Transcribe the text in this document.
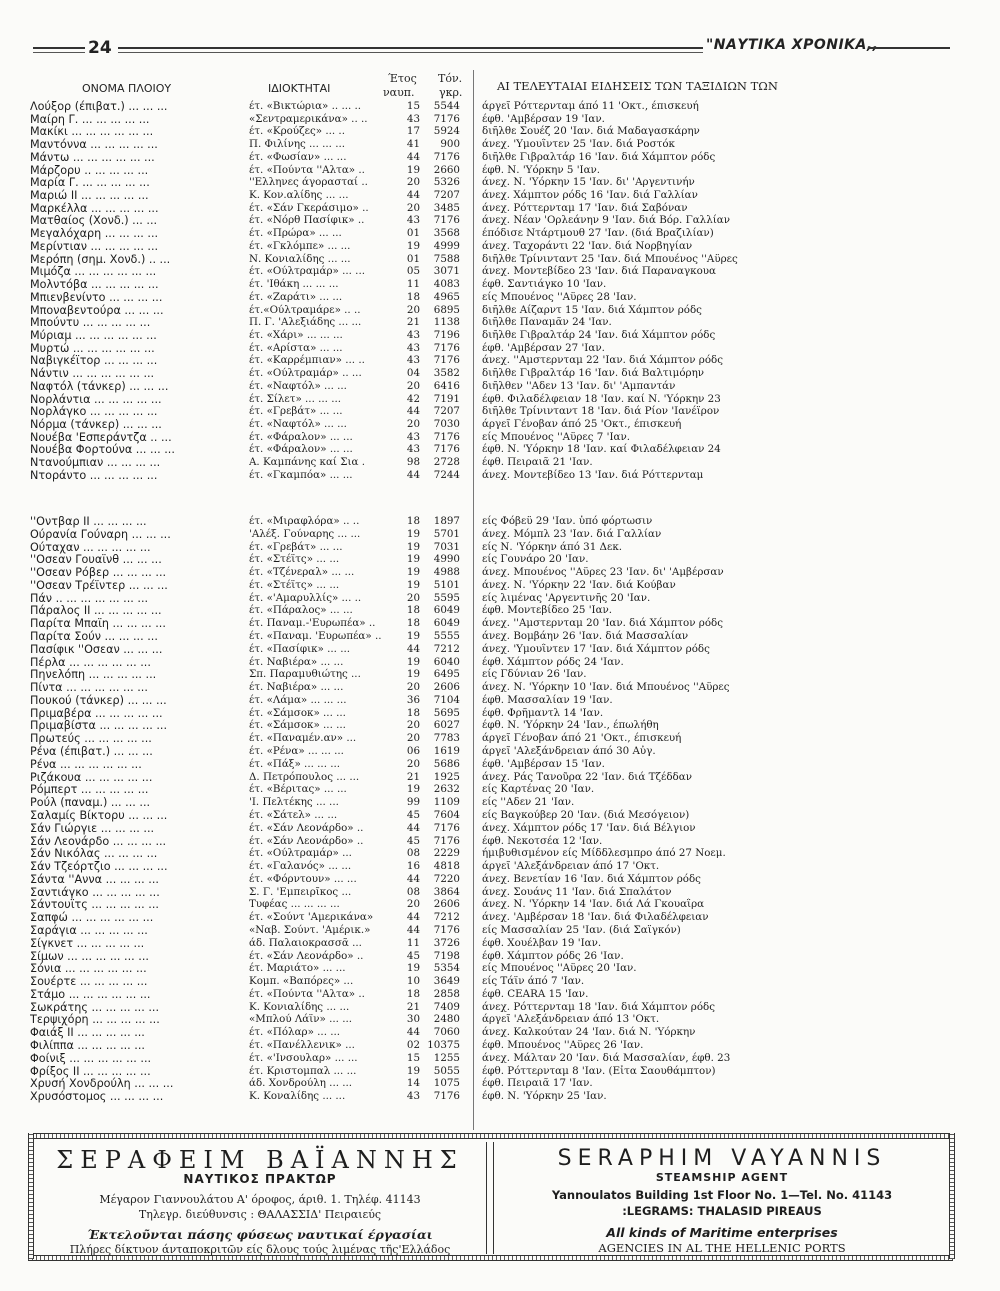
24	"ΝΑΥΤΙΚΑ ΧΡΟΝΙΚΑ,,
ΟΝΟΜΑ ΠΛΟΙΟΥ	ΙΔΙΟΚΤΗΤΑΙ
Έτος
ναυπ.
Τόν.
γκρ.	ΑΙ ΤΕΛΕΥΤΑΙΑΙ ΕΙΔΗΣΕΙΣ ΤΩΝ ΤΑΞΙΔΙΩΝ ΤΩΝ
Λούξορ (έπιβατ.) ... ... ...	έτ. «Βικτώρια» .. ... ..	15	5544 άργεῖ Ρόττερνταμ άπό 11 'Οκτ., έπισκευή
Μαίρη Γ. ... ... ... ... ...	«Σεντραμερικάνα» .. ..	43	7176 έφθ. 'Αμβέρσαν 19 'Ιαν.
Μακίκι ... ... ... ... ... ...	έτ. «Κρούζες» ... ..	17	5924 διῆλθε Σουέζ 20 'Ιαν. διά Μαδαγασκάρην
Μαντόννα ... ... ... ... ...	Π. Φιλίνης ... ... ...	41	900 άνεχ. 'Υμουΐντεν 25 'Ιαν. διά Ροστόκ
Μάντω ... ... ... ... ... ...	έτ. «Φωσίαν» ... ...	44	7176 διῆλθε Γιβραλτάρ 16 'Ιαν. διά Χάμπτον ρόδς
Μάρζορυ .. ... ... ... ...	έτ. «Πούντα ''Αλτα» ..	19	2660 έφθ. Ν. 'Υόρκην 5 'Ιαν.
Μαρία Γ. ... ... ... ... ...	''Ελληνες άγορασταί ..	20	5326 άνεχ. Ν. 'Υόρκην 15 'Ιαν. δι' 'Αργεντινήν
Μαριώ ΙΙ ... ... ... ... ...	Κ. Κον.αλίδης ... ...	44	7207 άνεχ. Χάμπτον ρόδς 16 'Ιαν. διά Γαλλίαν
Μαρκέλλα ... ... ... ... ...	έτ. «Σάν Γκεράσιμο» ..	20	3485 άνεχ. Ρόττερνταμ 17 'Ιαν. διά Σαβόναν
Ματθαίος (Χονδ.) ... ...	έτ. «Νόρθ Πασίφικ» ..	43	7176 άνεχ. Νέαν 'Ορλεάνην 9 'Ιαν. διά Βόρ. Γαλλίαν
Μεγαλόχαρη ... ... ... ...	έτ. «Πρώρα» ... ...	01	3568 έπόδισε Ντάρτμουθ 27 'Ιαν. (διά Βραζιλίαν)
Μερίντιαν ... ... ... ... ...	έτ. «Γκλόμπε» ... ...	19	4999 άνεχ. Ταχοράντι 22 'Ιαν. διά Νορβηγίαν
Μερόπη (σημ. Χονδ.) .. ...	Ν. Κονιαλίδης ... ...	01	7588 διῆλθε Τρίνινταντ 25 'Ιαν. διά Μπουένος ''Αϋρες
Μιμόζα ... ... ... ... ... ...	έτ. «Ούλτραμάρ» ... ...	05	3071 άνεχ. Μοντεβίδεο 23 'Ιαν. διά Παραναγκουα
Μολντόβα ... ... ... ... ...	έτ. 'Ιθάκη ... ... ...	11	4083 έφθ. Σαντιάγκο 10 'Ιαν.
Μπιενβενίντο ... ... ... ...	έτ. «Ζαράτι» ... ...	18	4965 είς Μπουένος ''Αϋρες 28 'Ιαν.
Μποναβεντούρα ... ... ...	έτ.«Ούλτραμάρε» .. ..	20	6895 διῆλθε Αίζαρντ 15 'Ιαν. διά Χάμπτον ρόδς
Μπούντυ ... ... ... ... ...	Π. Γ. 'Αλεξιάδης ... ...	21	1138 διῆλθε Παναμᾶν 24 'Ιαν.
Μύριαμ ... ... ... ... ... ...	έτ. «Χάρι» ... ... ...	43	7196 διῆλθε Γιβραλτάρ 24 'Ιαν. διά Χάμπτον ρόδς
Μυρτώ ... ... ... ... ... ...	έτ. «Αρίστα» ... ...	43	7176 έφθ. 'Αμβέρσαν 27 'Ιαν.
Ναβιγκέϊτορ ... ... ... ...	έτ. «Καρρέμπιαν» ... ..	43	7176 άνεχ. ''Αμστερνταμ 22 'Ιαν. διά Χάμπτον ρόδς
Νάντιν ... ... ... ... ... ...	έτ. «Ούλτραμάρ» .. ...	04	3582 διῆλθε Γιβραλτάρ 16 'Ιαν. διά Βαλτιμόρην
Ναφτόλ (τάνκερ) ... ... ...	έτ. «Ναφτόλ» ... ...	20	6416 διῆλθεν ''Αδεν 13 'Ιαν. δι' 'Αμπαντάν
Νορλάντια ... ... ... ... ...	έτ. Σίλετ» ... ... ...	42	7191 έφθ. Φιλαδέλφειαν 18 'Ιαν. καί Ν. 'Υόρκην 23
Νορλάγκο ... ... ... ... ...	έτ. «Γρεβάτ» ... ...	44	7207 διῆλθε Τρίνινταντ 18 'Ιαν. διά Ρίον 'Ιανέϊρον
Νόρμα (τάνκερ) ... ... ...	έτ. «Ναφτόλ» ... ...	20	7030 άργεῖ Γένοβαν άπό 25 'Οκτ., έπισκευή
Νουέβα 'Εσπεράντζα .. ...	έτ. «Φάραλον» ... ...	43	7176 είς Μπουένος ''Αϋρες 7 'Ιαν.
Νουέβα Φορτούνα ... ... ...	έτ. «Φάραλον» ... ...	43	7176 έφθ. Ν. 'Υόρκην 18 'Ιαν. καί Φιλαδέλφειαν 24
Ντανούμπιαν ... ... ... ...	Α. Καμπάνης καί Σια .	98	2728 έφθ. Πειραιᾶ 21 'Ιαν.
Ντοράντο ... ... ... ... ...	έτ. «Γκαμπόα» ... ...	44	7244 άνεχ. Μοντεβίδεο 13 'Ιαν. διά Ρόττερνταμ
''Οντβαρ ΙΙ ... ... ... ...	έτ. «Μιραφλόρα» .. ..	18	1897 είς Φόβεϋ 29 'Ιαν. ὑπό φόρτωσιν
Ούρανία Γούναρη ... ... ...	'Αλέξ. Γούναρης ... ...	19	5701 άνεχ. Μόμπλ 23 'Ιαν. διά Γαλλίαν
Ούταχαν ... ... ... ... ...	έτ. «Γρεβάτ» ... ...	19	7031 είς Ν. 'Υόρκην άπό 31 Δεκ.
''Οσεαν Γουαϊνθ ... ... ...	έτ. «Στέϊτς» ... ...	19	4990 είς Γουνάρο 20 'Ιαν.
''Οσεαν Ρόβερ ... ... ... ...	έτ. «Τζένεραλ» ... ...	19	4988 άνεχ. Μπουένος ''Αϋρες 23 'Ιαν. δι' 'Αμβέρσαν
''Οσεαν Τρέϊντερ ... ... ...	έτ. «Στέϊτς» ... ...	19	5101 άνεχ. Ν. 'Υόρκην 22 'Ιαν. διά Κούβαν
Πάν .. ... ... ... ... ... ...	έτ. «'Αμαρυλλίς» ... ..	20	5595 είς λιμένας 'Αργεντινῆς 20 'Ιαν.
Πάραλος ΙΙ ... ... ... ... ...	έτ. «Πάραλος» ... ...	18	6049 έφθ. Μοντεβίδεο 25 'Ιαν.
Παρίτα Μπαϊη ... ... ... ...	έτ. Παναμ.-'Ευρωπέα» ..	18	6049 άνεχ. ''Αμστερνταμ 20 'Ιαν. διά Χάμπτον ρόδς
Παρίτα Σούν ... ... ... ...	έτ. «Παναμ. 'Ευρωπέα» ..	19	5555 άνεχ. Βομβάην 26 'Ιαν. διά Μασσαλίαν
Πασίφικ ''Οσεαν ... ... ...	έτ. «Πασίφικ» ... ...	44	7212 άνεχ. 'Υμουΐντεν 17 'Ιαν. διά Χάμπτον ρόδς
Πέρλα ... ... ... ... ... ...	έτ. Ναβιέρα» ... ...	19	6040 έφθ. Χάμπτον ρόδς 24 'Ιαν.
Πηνελόπη ... ... ... ... ...	Σπ. Παραμυθιώτης ...	19	6495 είς Γδύνιαν 26 'Ιαν.
Πίντα ... ... ... ... ... ...	έτ. Ναβιέρα» ... ...	20	2606 άνεχ. Ν. 'Υόρκην 10 'Ιαν. διά Μπουένος ''Αϋρες
Πουκού (τάνκερ) ... ... ...	έτ. «Λάμα» ... ... ...	36	7104 έφθ. Μασσαλίαν 19 'Ιαν.
Πριμαβέρα ... ... ... ... ...	έτ. «Σάμσοκ» ... ...	18	5695 έφθ. Φρῆμαντλ 14 'Ιαν.
Πριμαβίστα ... ... ... ... ...	έτ. «Σάμσοκ» ... ...	20	6027 έφθ. Ν. 'Υόρκην 24 'Ιαν., έπωλήθη
Πρωτεύς ... ... ... ... ...	έτ. «Παναμέν.αν» ...	20	7783 άργεῖ Γένοβαν άπό 21 'Οκτ., έπισκευή
Ρένα (έπιβατ.) ... ... ...	έτ. «Ρένα» ... ... ...	06	1619 άργεῖ 'Αλεξάνδρειαν άπό 30 Αὐγ.
Ρένα ... ... ... ... ... ...	έτ. «Πάξ» ... ... ...	20	5686 έφθ. 'Αμβέρσαν 15 'Ιαν.
Ριζάκουα ... ... ... ... ...	Δ. Πετρόπουλος ... ...	21	1925 άνεχ. Ράς Τανοῦρα 22 'Ιαν. διά Τζέδδαν
Ρόμπερτ ... ... ... ... ...	έτ. «Βέριτας» ... ...	19	2632 είς Καρτένας 20 'Ιαν.
Ρούλ (παναμ.) ... ... ...	'Ι. Πελτέκης ... ...	99	1109 είς ''Αδεν 21 'Ιαν.
Σαλαμίς Βίκτορυ ... ... ...	έτ. «Σάτελ» ... ...	45	7604 είς Βαγκούβερ 20 'Ιαν. (διά Μεσόγειον)
Σάν Γιώργιε ... ... ... ...	έτ. «Σάν Λεονάρδο» ..	44	7176 άνεχ. Χάμπτον ρόδς 17 'Ιαν. διά Βέλγιον
Σάν Λεονάρδο ... ... ... ...	έτ. «Σάν Λεονάρδο» ..	45	7176 έφθ. Νεκοτσέα 12 'Ιαν.
Σάν Νικόλας ... ... ... ...	έτ. «Ούλτραμάρ» ...	08	2229 ήμιβυθισμένον είς Μίδδλεσμπρο άπό 27 Νοεμ.
Σάν Τζεόρτζιο ... ... ... ...	έτ. «Γαλανός» ... ...	16	4818 άργεῖ 'Αλεξάνδρειαν άπό 17 'Οκτ.
Σάντα ''Αννα ... ... ... ...	έτ. «Φόρντουν» ... ...	44	7220 άνεχ. Βενετίαν 16 'Ιαν. διά Χάμπτον ρόδς
Σαντιάγκο ... ... ... ... ...	Σ. Γ. 'Εμπειρῖκος ...	08	3864 άνεχ. Σουάνς 11 'Ιαν. διά Σπαλάτον
Σάντουϊτς ... ... ... ... ...	Τυφέας ... ... ... ...	20	2606 άνεχ. Ν. 'Υόρκην 14 'Ιαν. διά Λά Γκουαΐρα
Σαπφώ ... ... ... ... ... ...	έτ. «Σούντ 'Αμερικάνα»	44	7212 άνεχ. 'Αμβέρσαν 18 'Ιαν. διά Φιλαδέλφειαν
Σαράγια ... ... ... ... ...	«Ναβ. Σούντ. 'Αμέρικ.»	44	7176 είς Μασσαλίαν 25 'Ιαν. (διά Σαϊγκόν)
Σίγκνετ ... ... ... ... ...	άδ. Παλαιοκρασσᾶ ...	11	3726 έφθ. Χουέλβαν 19 'Ιαν.
Σίμων ... ... ... ... ... ...	έτ. «Σάν Λεονάρδο» ..	45	7198 έφθ. Χάμπτον ρόδς 26 'Ιαν.
Σόνια ... ... ... ... ... ...	έτ. Μαριάτο» ... ...	19	5354 είς Μπουένος ''Αϋρες 20 'Ιαν.
Σουέρτε ... ... ... ... ...	Κομπ. «Βαπόρες» ...	10	3649 είς Τάϊν άπό 7 'Ιαν.
Στάμο ... ... ... ... ... ...	έτ. «Πούντα ''Αλτα» ..	18	2858 έφθ. CEARA 15 'Ιαν.
Σωκράτης ... ... ... ... ...	Κ. Κονιαλίδης ... ...	21	7409 άνεχ. Ρόττερνταμ 18 'Ιαν. διά Χάμπτον ρόδς
Τερψιχόρη ... ... ... ... ...	«Μπλού Λάϊν» ... ...	30	2480 άργεῖ 'Αλεξάνδρειαν άπό 13 'Οκτ.
Φαιάξ ΙΙ ... ... ... ... ...	έτ. «Πόλαρ» ... ...	44	7060 άνεχ. Καλκούταν 24 'Ιαν. διά Ν. 'Υόρκην
Φιλίππα ... ... ... ... ...	έτ. «Πανέλλενικ» ...	02 10375 έφθ. Μπουένος ''Αϋρες 26 'Ιαν.
Φοίνιξ ... ... ... ... ... ...	έτ. «'Ινσουλαρ» ... ...	15	1255 άνεχ. Μάλταν 20 'Ιαν. διά Μασσαλίαν, έφθ. 23
Φρίξος ΙΙ ... ... ... ... ...	έτ. Κριστομπαλ ... ...	19	5055 έφθ. Ρόττερνταμ 8 'Ιαν. (Εἶτα Σαουθάμπτον)
Χρυσή Χονδρούλη ... ... ...	άδ. Χονδρούλη ... ...	14	1075 έφθ. Πειραιᾶ 17 'Ιαν.
Χρυσόστομος ... ... ... ...	Κ. Κοναλίδης ... ...	43	7176 έφθ. Ν. 'Υόρκην 25 'Ιαν.
ΣΕΡΑΦΕΙΜ ΒΑΪΑΝΝΗΣ
ΝΑΥΤΙΚΟΣ ΠΡΑΚΤΩΡ
Μέγαρον Γιαννουλάτου Α' όροφος, άριθ. 1. Τηλέφ. 41143
Τηλεγρ. διεύθυνσις : ΘΑΛΑΣΣΙΔ' Πειραιεύς
Έκτελοῦνται πάσης φύσεως ναυτικαί έργασίαι
Πλήρες δίκτυον άνταποκριτῶν είς δλους τούς λιμένας τῆς'Ελλάδος
SERAPHIM VAYANNIS
STEAMSHIP AGENT
Yannoulatos Building 1st Floor No. 1—Tel. No. 41143
:LEGRAMS: THALASID PIREAUS
All kinds of Maritime enterprises
AGENCIES IN AL THE HELLENIC PORTS
